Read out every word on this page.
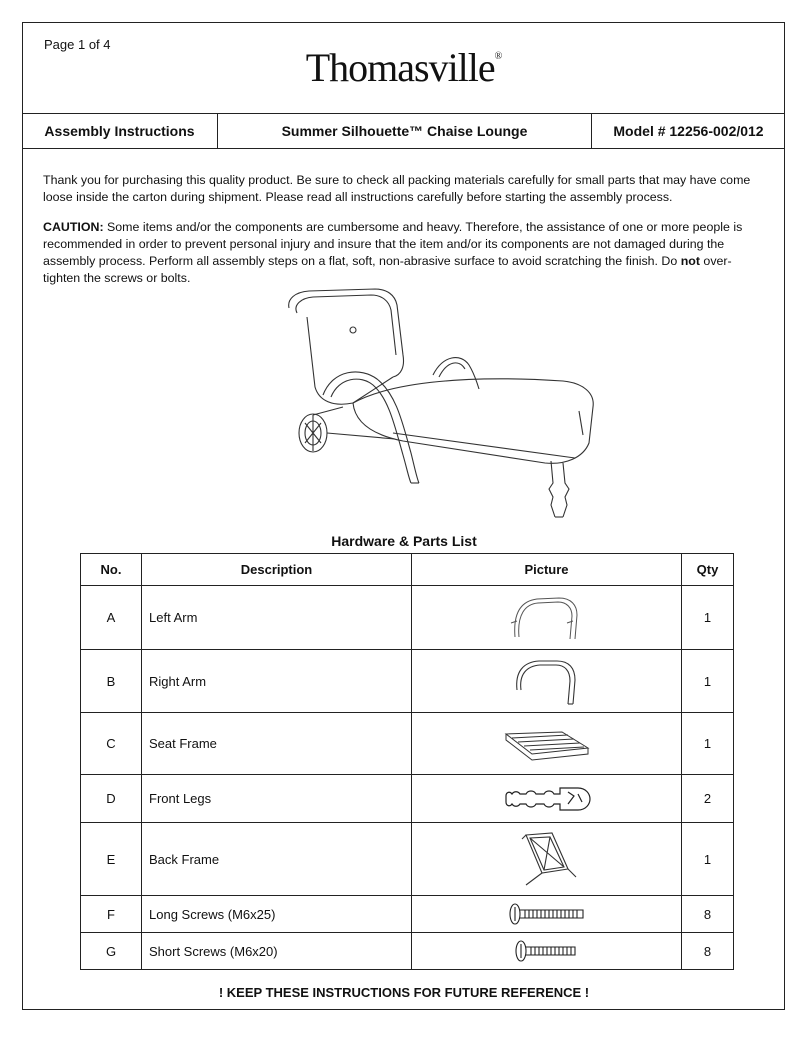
Page 1 of 4
Thomasville®
Assembly Instructions	Summer Silhouette™ Chaise Lounge	Model # 12256-002/012

Thank you for purchasing this quality product. Be sure to check all packing materials carefully for small parts that may have come loose inside the carton during shipment. Please read all instructions carefully before starting the assembly process.

CAUTION: Some items and/or the components are cumbersome and heavy. Therefore, the assistance of one or more people is recommended in order to prevent personal injury and insure that the item and/or its components are not damaged during the assembly process. Perform all assembly steps on a flat, soft, non-abrasive surface to avoid scratching the finish. Do not over-tighten the screws or bolts.

Hardware & Parts List
No.	Description	Picture	Qty
A	Left Arm		1
B	Right Arm		1
C	Seat Frame		1
D	Front Legs		2
E	Back Frame		1
F	Long Screws (M6x25)		8
G	Short Screws (M6x20)		8
! KEEP THESE INSTRUCTIONS FOR FUTURE REFERENCE !
